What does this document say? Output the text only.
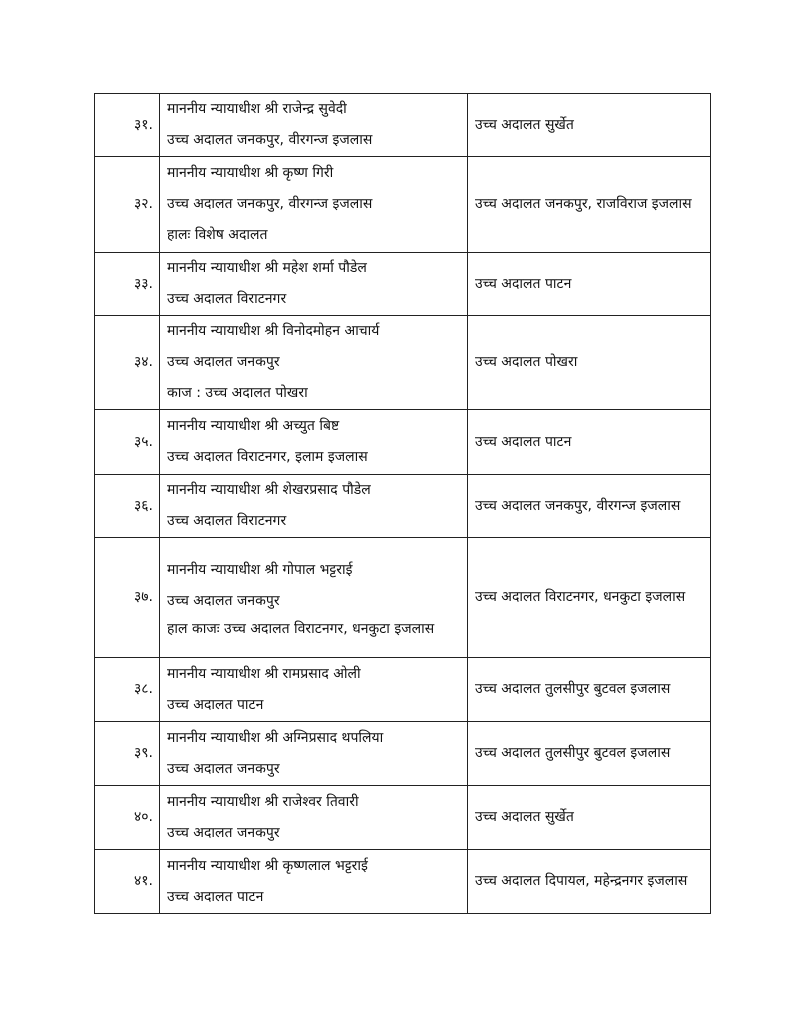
३१.	माननीय न्यायाधीश श्री राजेन्द्र सुवेदी
उच्च अदालत जनकपुर, वीरगन्ज इजलास	उच्च अदालत सुर्खेत
३२.	माननीय न्यायाधीश श्री कृष्ण गिरी
उच्च अदालत जनकपुर, वीरगन्ज इजलास
हालः विशेष अदालत	उच्च अदालत जनकपुर, राजविराज इजलास
३३.	माननीय न्यायाधीश श्री महेश शर्मा पौडेल
उच्च अदालत विराटनगर	उच्च अदालत पाटन
३४.	माननीय न्यायाधीश श्री विनोदमोहन आचार्य
उच्च अदालत जनकपुर
काज : उच्च अदालत पोखरा	उच्च अदालत पोखरा
३५.	माननीय न्यायाधीश श्री अच्युत बिष्ट
उच्च अदालत विराटनगर, इलाम इजलास	उच्च अदालत पाटन
३६.	माननीय न्यायाधीश श्री शेखरप्रसाद पौडेल
उच्च अदालत विराटनगर	उच्च अदालत जनकपुर, वीरगन्ज इजलास
३७.	माननीय न्यायाधीश श्री गोपाल भट्टराई
उच्च अदालत जनकपुर
हाल काजः उच्च अदालत विराटनगर, धनकुटा इजलास	उच्च अदालत विराटनगर, धनकुटा इजलास
३८.	माननीय न्यायाधीश श्री रामप्रसाद ओली
उच्च अदालत पाटन	उच्च अदालत तुलसीपुर बुटवल इजलास
३९.	माननीय न्यायाधीश श्री अग्निप्रसाद थपलिया
उच्च अदालत जनकपुर	उच्च अदालत तुलसीपुर बुटवल इजलास
४०.	माननीय न्यायाधीश श्री राजेश्वर तिवारी
उच्च अदालत जनकपुर	उच्च अदालत सुर्खेत
४१.	माननीय न्यायाधीश श्री कृष्णलाल भट्टराई
उच्च अदालत पाटन	उच्च अदालत दिपायल, महेन्द्रनगर इजलास
